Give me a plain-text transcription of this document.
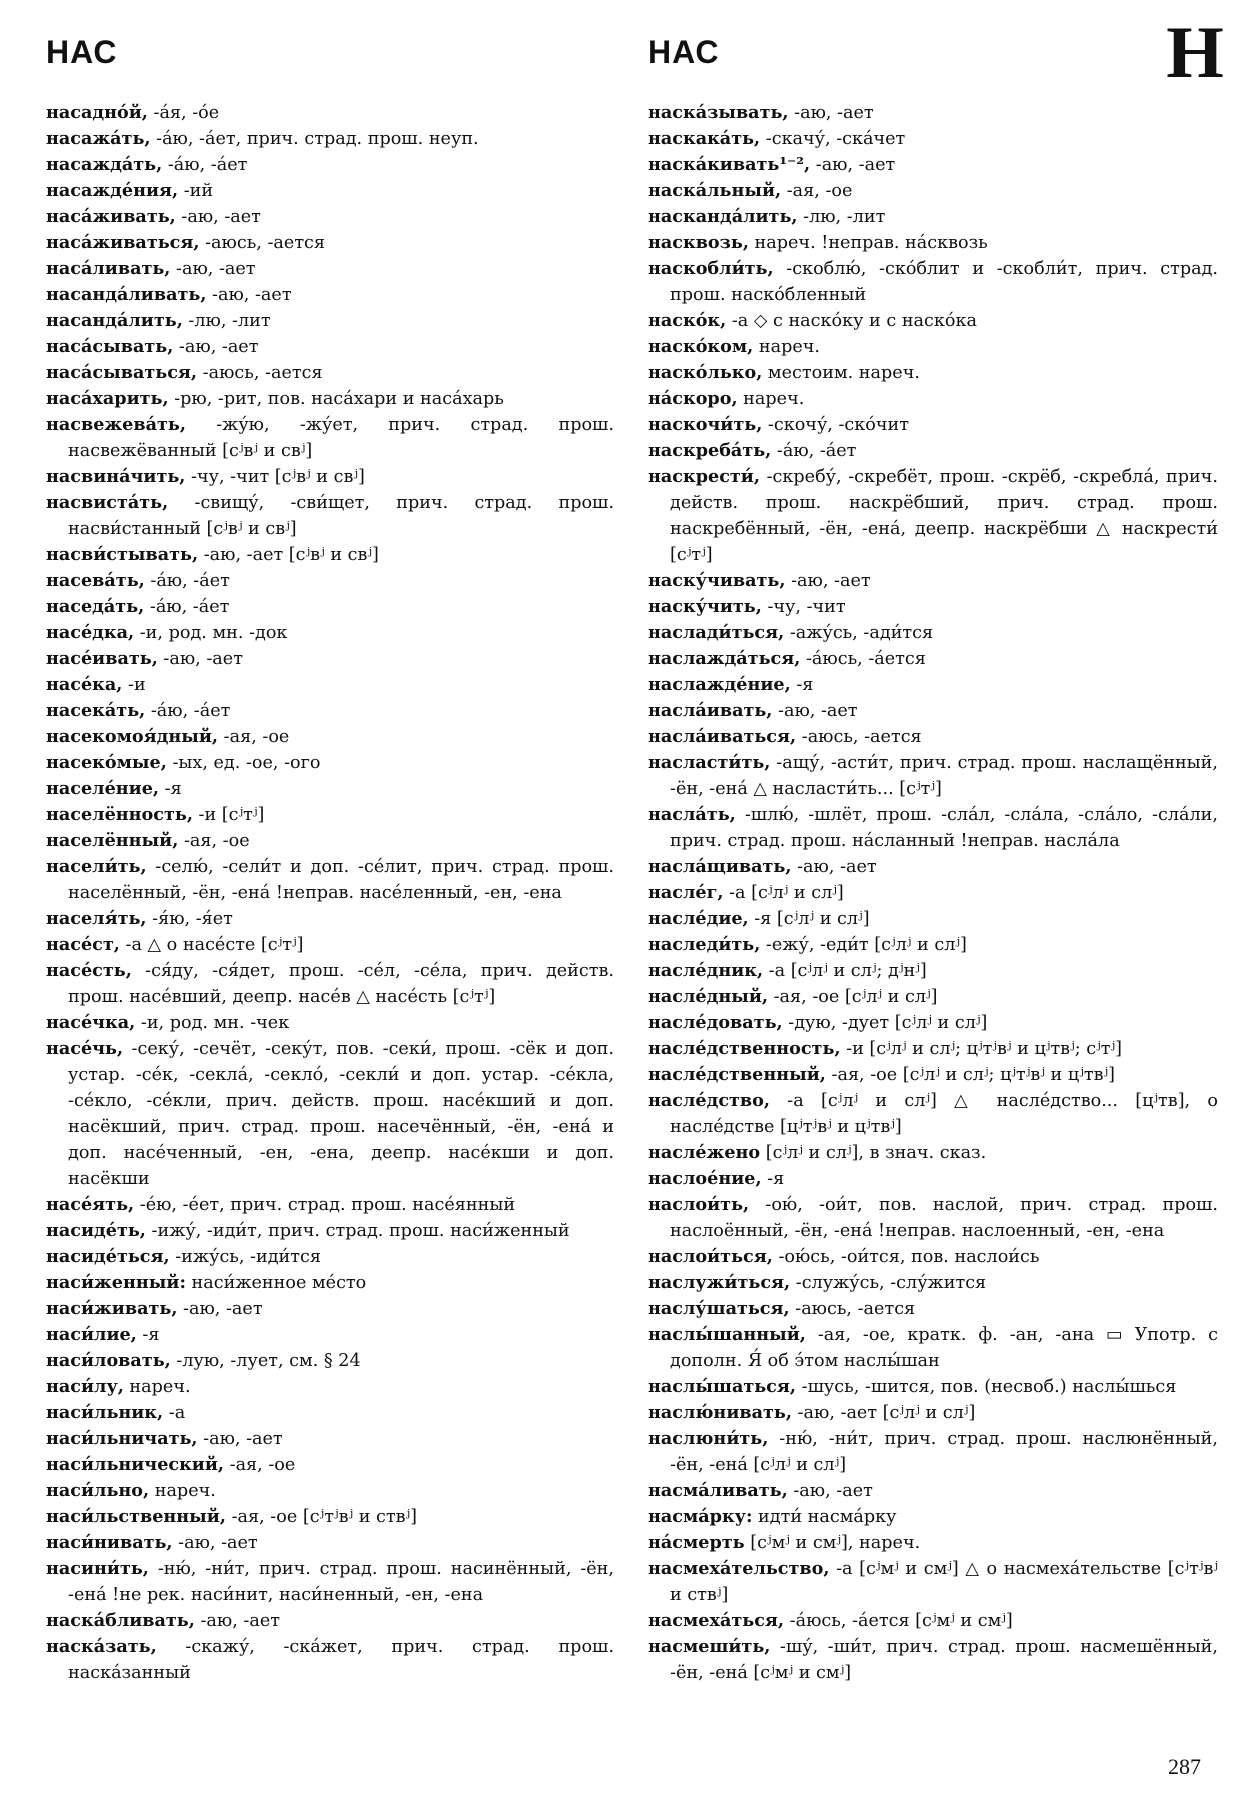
НАС	НАС	Н
насадно́й, -а́я, -о́е
насажа́ть, -а́ю, -а́ет, прич. страд. прош. неуп.
насажда́ть, -а́ю, -а́ет
насажде́ния, -ий
наса́живать, -аю, -ает
наса́живаться, -аюсь, -ается
наса́ливать, -аю, -ает
насанда́ливать, -аю, -ает
насанда́лить, -лю, -лит
наса́сывать, -аю, -ает
наса́сываться, -аюсь, -ается
наса́харить, -рю, -рит, пов. наса́хари и наса́харь
насвежева́ть, -жу́ю, -жу́ет, прич. страд. прош. насвежёванный [сʲвʲ и свʲ]
насвина́чить, -чу, -чит [сʲвʲ и свʲ]
насвиста́ть, -свищу́, -сви́щет, прич. страд. прош. насви́станный [сʲвʲ и свʲ]
насви́стывать, -аю, -ает [сʲвʲ и свʲ]
насева́ть, -а́ю, -а́ет
наседа́ть, -а́ю, -а́ет
насе́дка, -и, род. мн. -док
насе́ивать, -аю, -ает
насе́ка, -и
насека́ть, -а́ю, -а́ет
насекомоя́дный, -ая, -ое
насеко́мые, -ых, ед. -ое, -ого
населе́ние, -я
населённость, -и [сʲтʲ]
населённый, -ая, -ое
насели́ть, -селю́, -сели́т и доп. -се́лит, прич. страд. прош. населённый, -ён, -ена́ !неправ. насе́ленный, -ен, -ена
населя́ть, -я́ю, -я́ет
насе́ст, -а △ о насе́сте [сʲтʲ]
насе́сть, -ся́ду, -ся́дет, прош. -се́л, -се́ла, прич. действ. прош. насе́вший, деепр. насе́в △ насе́сть [сʲтʲ]
насе́чка, -и, род. мн. -чек
насе́чь, -секу́, -сечёт, -секу́т, пов. -секи́, прош. -сёк и доп. устар. -се́к, -секла́, -секло́, -секли́ и доп. устар. -се́кла, -се́кло, -се́кли, прич. действ. прош. насе́кший и доп. насёкший, прич. страд. прош. насечённый, -ён, -ена́ и доп. насе́ченный, -ен, -ена, деепр. насе́кши и доп. насёкши
насе́ять, -е́ю, -е́ет, прич. страд. прош. насе́янный
насиде́ть, -ижу́, -иди́т, прич. страд. прош. наси́женный
насиде́ться, -ижу́сь, -иди́тся
наси́женный: наси́женное ме́сто
наси́живать, -аю, -ает
наси́лие, -я
наси́ловать, -лую, -лует, см. § 24
наси́лу, нареч.
наси́льник, -а
наси́льничать, -аю, -ает
наси́льнический, -ая, -ое
наси́льно, нареч.
наси́льственный, -ая, -ое [сʲтʲвʲ и ствʲ]
наси́нивать, -аю, -ает
насини́ть, -ню́, -ни́т, прич. страд. прош. насинённый, -ён, -ена́ !не рек. наси́нит, наси́ненный, -ен, -ена
наска́бливать, -аю, -ает
наска́зать, -скажу́, -ска́жет, прич. страд. прош. наска́занный
наска́зывать, -аю, -ает
наскака́ть, -скачу́, -ска́чет
наска́кивать¹⁻², -аю, -ает
наска́льный, -ая, -ое
насканда́лить, -лю, -лит
насквозь, нареч. !неправ. на́сквозь
наскобли́ть, -скоблю́, -ско́блит и -скобли́т, прич. страд. прош. наско́бленный
наско́к, -а ◇ с наско́ку и с наско́ка
наско́ком, нареч.
наско́лько, местоим. нареч.
на́скоро, нареч.
наскочи́ть, -скочу́, -ско́чит
наскреба́ть, -а́ю, -а́ет
наскрести́, -скребу́, -скребёт, прош. -скрёб, -скребла́, прич. действ. прош. наскрёбший, прич. страд. прош. наскребённый, -ён, -ена́, деепр. наскрёбши △ наскрести́ [сʲтʲ]
наску́чивать, -аю, -ает
наску́чить, -чу, -чит
наслади́ться, -ажу́сь, -ади́тся
наслажда́ться, -а́юсь, -а́ется
наслажде́ние, -я
насла́ивать, -аю, -ает
насла́иваться, -аюсь, -ается
насласти́ть, -ащу́, -асти́т, прич. страд. прош. наслащённый, -ён, -ена́ △ насласти́ть... [сʲтʲ]
насла́ть, -шлю́, -шлёт, прош. -сла́л, -сла́ла, -сла́ло, -сла́ли, прич. страд. прош. на́сланный !неправ. насла́ла
насла́щивать, -аю, -ает
насле́г, -а [сʲлʲ и слʲ]
насле́дие, -я [сʲлʲ и слʲ]
наследи́ть, -ежу́, -еди́т [сʲлʲ и слʲ]
насле́дник, -а [сʲлʲ и слʲ; дʲнʲ]
насле́дный, -ая, -ое [сʲлʲ и слʲ]
насле́довать, -дую, -дует [сʲлʲ и слʲ]
насле́дственность, -и [сʲлʲ и слʲ; цʲтʲвʲ и цʲтвʲ; сʲтʲ]
насле́дственный, -ая, -ое [сʲлʲ и слʲ; цʲтʲвʲ и цʲтвʲ]
насле́дство, -а [сʲлʲ и слʲ] △ насле́дство... [цʲтв], о насле́дстве [цʲтʲвʲ и цʲтвʲ]
насле́жено [сʲлʲ и слʲ], в знач. сказ.
наслое́ние, -я
наслои́ть, -ою́, -ои́т, пов. наслой, прич. страд. прош. наслоённый, -ён, -ена́ !неправ. наслоенный, -ен, -ена
наслои́ться, -ою́сь, -ои́тся, пов. наслои́сь
наслужи́ться, -служу́сь, -слу́жится
наслу́шаться, -аюсь, -ается
наслы́шанный, -ая, -ое, кратк. ф. -ан, -ана ▭ Употр. с дополн. Я́ об э́том наслы́шан
наслы́шаться, -шусь, -шится, пов. (несвоб.) наслы́шься
наслю́нивать, -аю, -ает [сʲлʲ и слʲ]
наслюни́ть, -ню́, -ни́т, прич. страд. прош. наслюнённый, -ён, -ена́ [сʲлʲ и слʲ]
насма́ливать, -аю, -ает
насма́рку: идти́ насма́рку
на́смерть [сʲмʲ и смʲ], нареч.
насмеха́тельство, -а [сʲмʲ и смʲ] △ о насмеха́тельстве [сʲтʲвʲ и ствʲ]
насмеха́ться, -а́юсь, -а́ется [сʲмʲ и смʲ]
насмеши́ть, -шу́, -ши́т, прич. страд. прош. насмешённый, -ён, -ена́ [сʲмʲ и смʲ]
287
